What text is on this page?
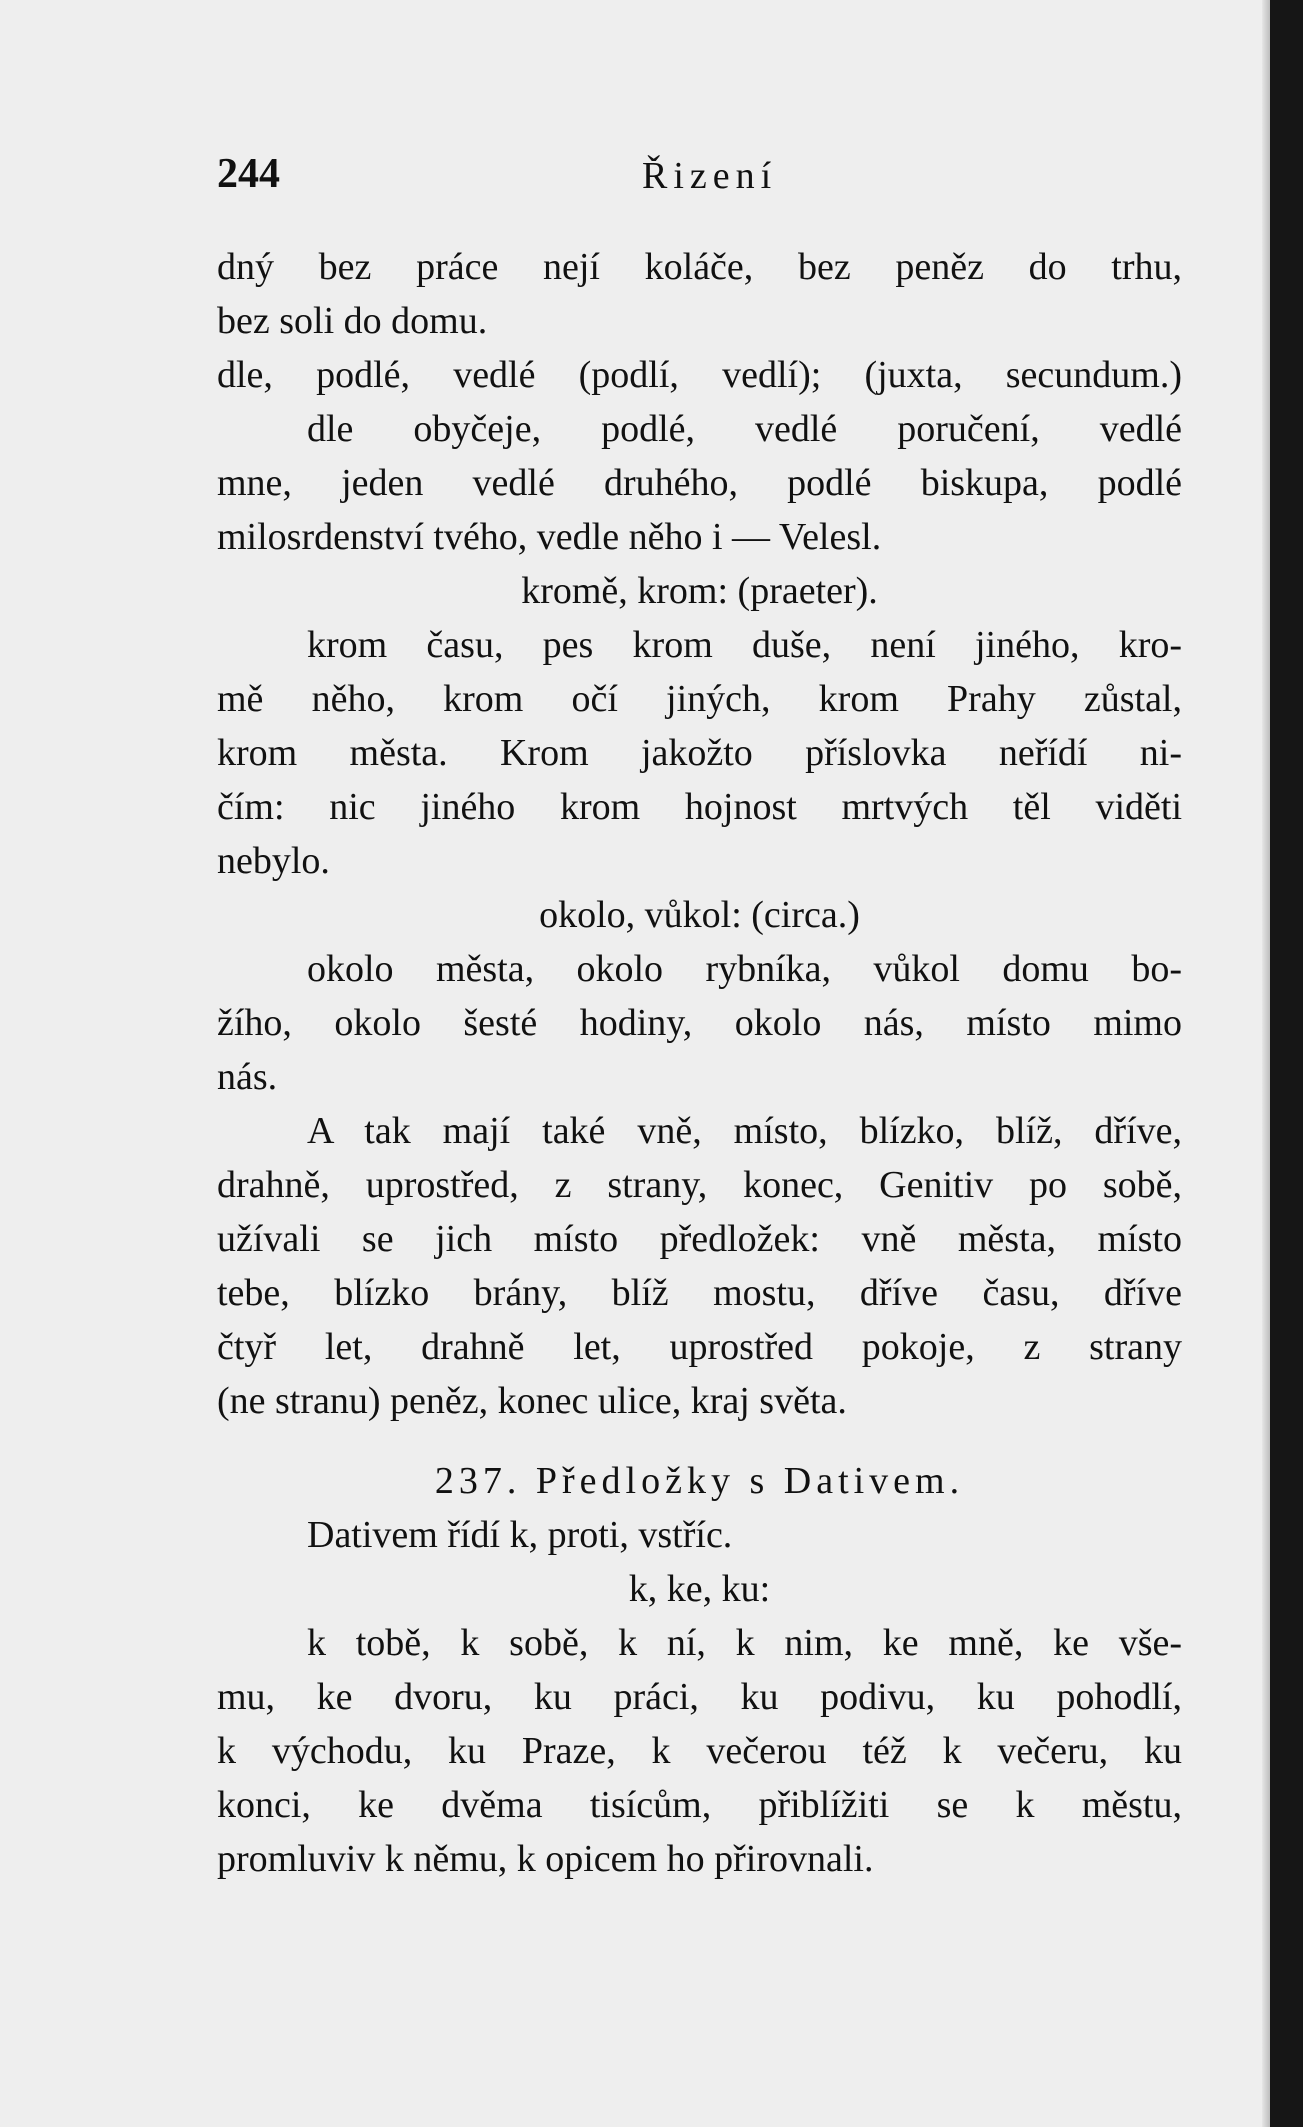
244	Řizení
dný bez práce nejí koláče, bez peněz do trhu,
bez soli do domu.
dle, podlé, vedlé (podlí, vedlí); (juxta, secundum.)
dle obyčeje, podlé, vedlé poručení, vedlé
mne, jeden vedlé druhého, podlé biskupa, podlé
milosrdenství tvého, vedle něho i — Velesl.
kromě, krom: (praeter).
krom času, pes krom duše, není jiného, kro-
mě něho, krom očí jiných, krom Prahy zůstal,
krom města. Krom jakožto příslovka neřídí ni-
čím: nic jiného krom hojnost mrtvých těl viděti
nebylo.
okolo, vůkol: (circa.)
okolo města, okolo rybníka, vůkol domu bo-
žího, okolo šesté hodiny, okolo nás, místo mimo
nás.
A tak mají také vně, místo, blízko, blíž, dříve,
drahně, uprostřed, z strany, konec, Genitiv po sobě,
užívali se jich místo předložek: vně města, místo
tebe, blízko brány, blíž mostu, dříve času, dříve
čtyř let, drahně let, uprostřed pokoje, z strany
(ne stranu) peněz, konec ulice, kraj světa.
237. Předložky s Dativem.
Dativem řídí k, proti, vstříc.
k, ke, ku:
k tobě, k sobě, k ní, k nim, ke mně, ke vše-
mu, ke dvoru, ku práci, ku podivu, ku pohodlí,
k východu, ku Praze, k večerou též k večeru, ku
konci, ke dvěma tisícům, přiblížiti se k městu,
promluviv k němu, k opicem ho přirovnali.
